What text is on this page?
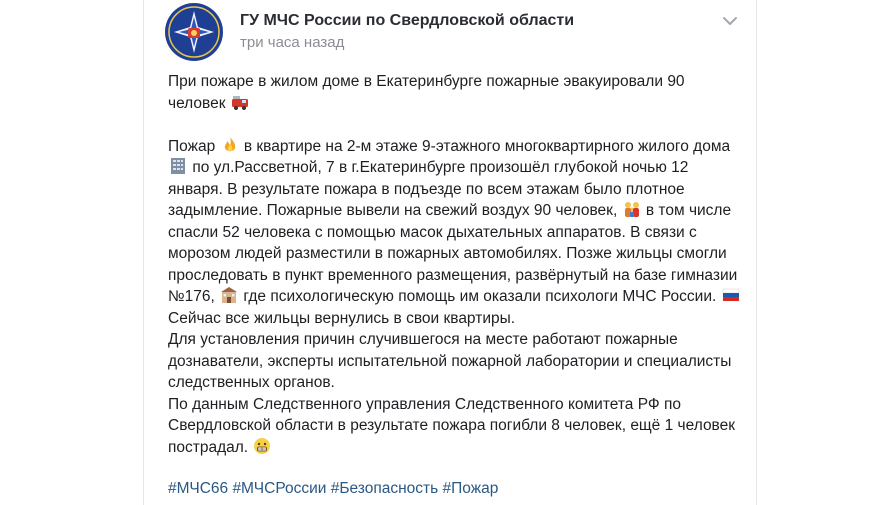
ГУ МЧС России по Свердловской области
три часа назад

При пожаре в жилом доме в Екатеринбурге пожарные эвакуировали 90 человек

Пожар в квартире на 2-м этаже 9-этажного многоквартирного жилого дома  по ул.Рассветной, 7 в г.Екатеринбурге произошёл глубокой ночью 12 января. В результате пожара в подъезде по всем этажам было плотное задымление. Пожарные вывели на свежий воздух 90 человек, в том числе спасли 52 человека с помощью масок дыхательных аппаратов. В связи с морозом людей разместили в пожарных автомобилях. Позже жильцы смогли проследовать в пункт временного размещения, развёрнутый на базе гимназии №176, где психологическую помощь им оказали психологи МЧС России.  Сейчас все жильцы вернулись в свои квартиры.

Для установления причин случившегося на месте работают пожарные дознаватели, эксперты испытательной пожарной лаборатории и специалисты следственных органов.

По данным Следственного управления Следственного комитета РФ по Свердловской области в результате пожара погибли 8 человек, ещё 1 человек пострадал.

#МЧС66 #МЧСРоссии #Безопасность #Пожар
